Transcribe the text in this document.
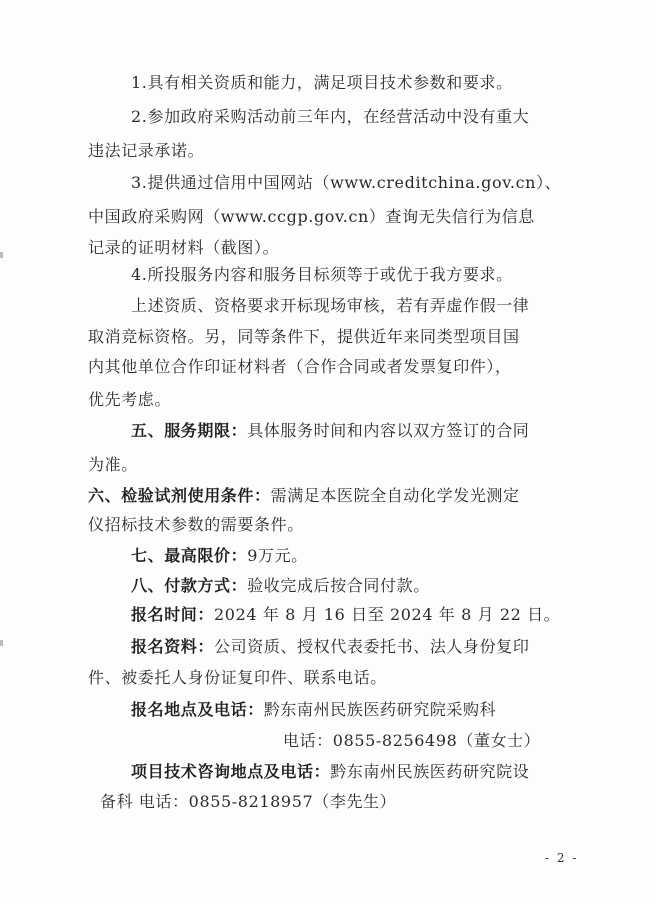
1.具有相关资质和能力，满足项目技术参数和要求。
2.参加政府采购活动前三年内，在经营活动中没有重大
违法记录承诺。
3.提供通过信用中国网站（www.creditchina.gov.cn）、
中国政府采购网（www.ccgp.gov.cn）查询无失信行为信息
记录的证明材料（截图）。
4.所投服务内容和服务目标须等于或优于我方要求。
上述资质、资格要求开标现场审核，若有弄虚作假一律
取消竞标资格。另，同等条件下，提供近年来同类型项目国
内其他单位合作印证材料者（合作合同或者发票复印件），
优先考虑。
五、服务期限：具体服务时间和内容以双方签订的合同
为准。
六、检验试剂使用条件：需满足本医院全自动化学发光测定
仪招标技术参数的需要条件。
七、最高限价：9万元。
八、付款方式：验收完成后按合同付款。
报名时间：2024 年 8 月 16 日至 2024 年 8 月 22 日。
报名资料：公司资质、授权代表委托书、法人身份复印
件、被委托人身份证复印件、联系电话。
报名地点及电话：黔东南州民族医药研究院采购科
电话：0855-8256498（董女士）
- 2 -
项目技术咨询地点及电话：黔东南州民族医药研究院设
备科 电话：0855-8218957（李先生）
